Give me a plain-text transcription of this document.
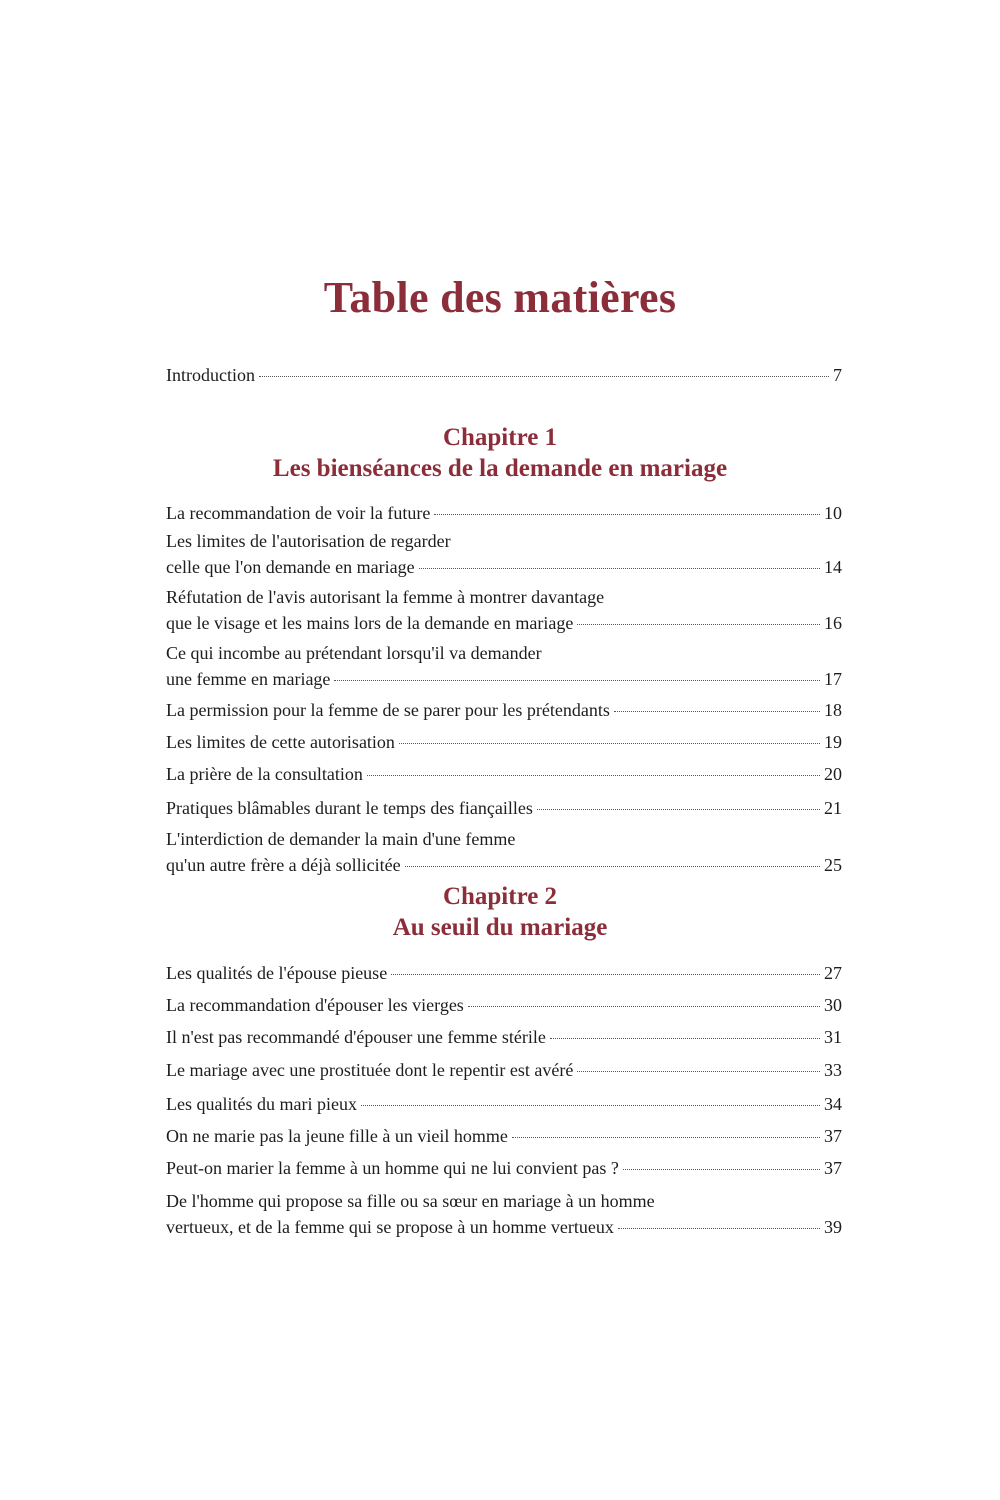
Table des matières
Introduction	7
Chapitre 1
Les bienséances de la demande en mariage
La recommandation de voir la future	10
Les limites de l'autorisation de regarder
celle que l'on demande en mariage	14
Réfutation de l'avis autorisant la femme à montrer davantage
que le visage et les mains lors de la demande en mariage	16
Ce qui incombe au prétendant lorsqu'il va demander
une femme en mariage	17
La permission pour la femme de se parer pour les prétendants	18
Les limites de cette autorisation	19
La prière de la consultation	20
Pratiques blâmables durant le temps des fiançailles	21
L'interdiction de demander la main d'une femme
qu'un autre frère a déjà sollicitée	25
Chapitre 2
Au seuil du mariage
Les qualités de l'épouse pieuse	27
La recommandation d'épouser les vierges	30
Il n'est pas recommandé d'épouser une femme stérile	31
Le mariage avec une prostituée dont le repentir est avéré	33
Les qualités du mari pieux	34
On ne marie pas la jeune fille à un vieil homme	37
Peut-on marier la femme à un homme qui ne lui convient pas ?	37
De l'homme qui propose sa fille ou sa sœur en mariage à un homme
vertueux, et de la femme qui se propose à un homme vertueux	39
